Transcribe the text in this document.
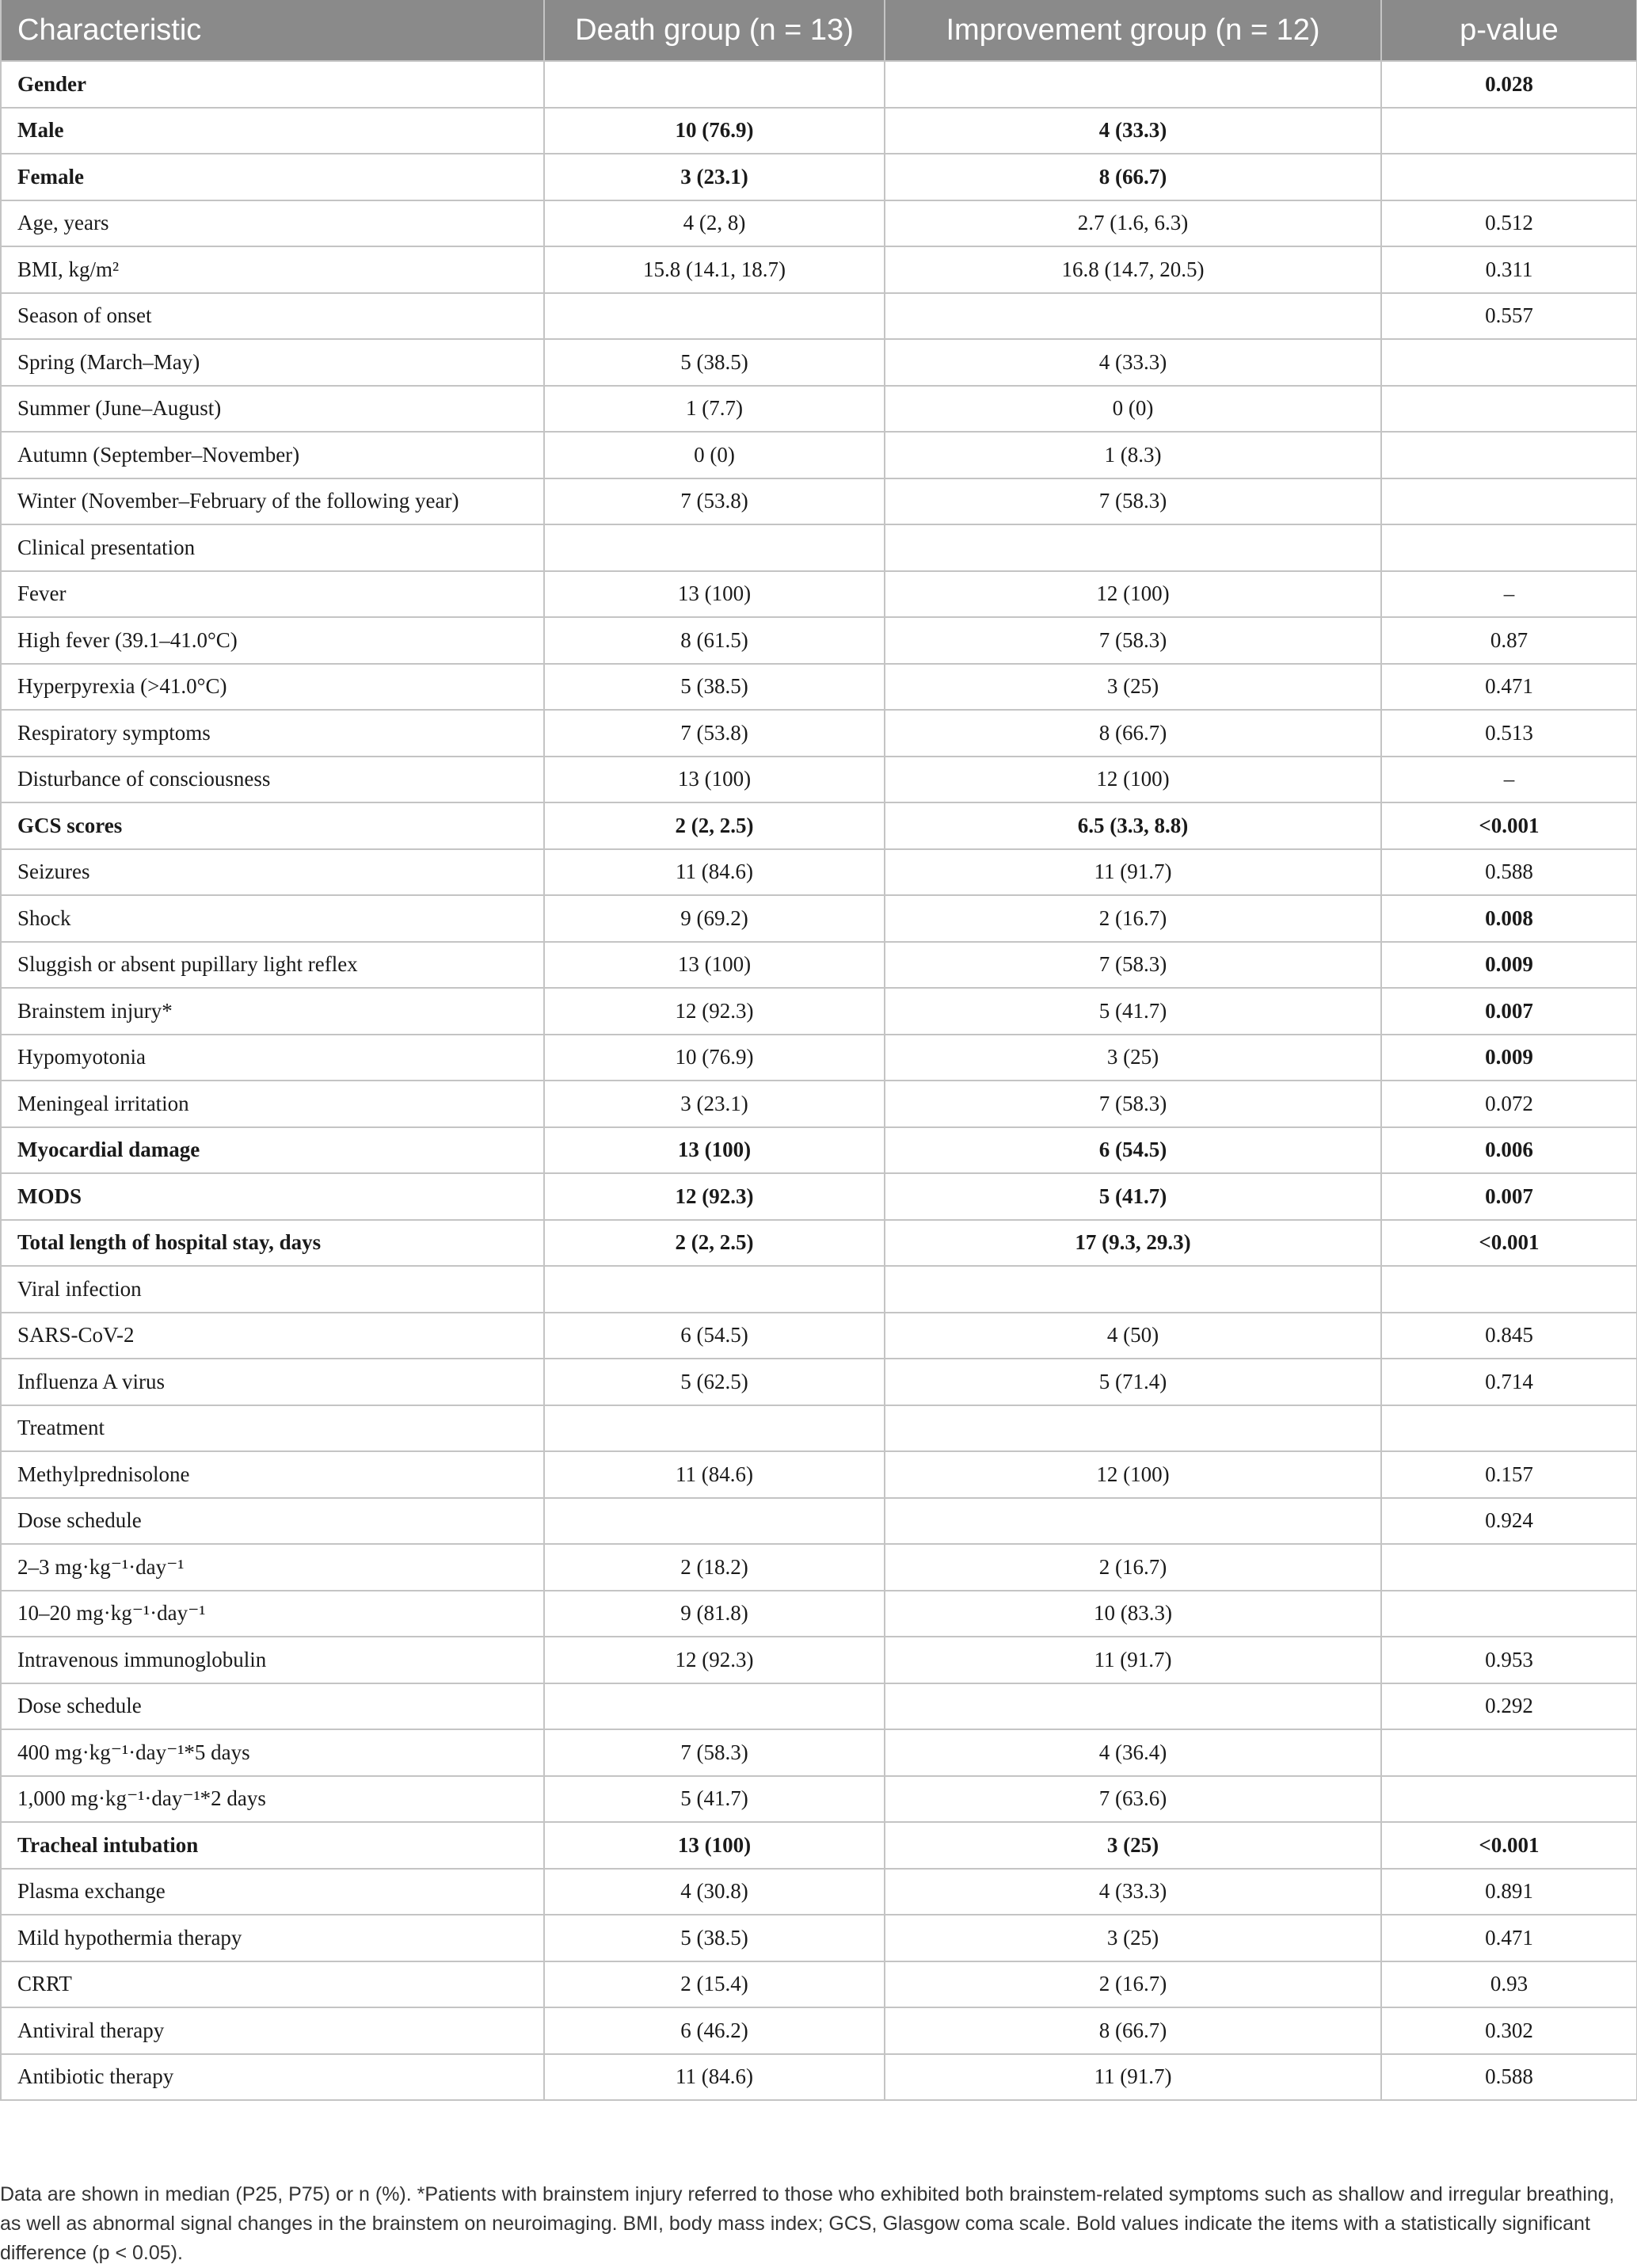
Characteristic	Death group (n = 13)	Improvement group (n = 12)	p-value
Gender			0.028
Male	10 (76.9)	4 (33.3)	
Female	3 (23.1)	8 (66.7)	
Age, years	4 (2, 8)	2.7 (1.6, 6.3)	0.512
BMI, kg/m²	15.8 (14.1, 18.7)	16.8 (14.7, 20.5)	0.311
Season of onset			0.557
Spring (March–May)	5 (38.5)	4 (33.3)	
Summer (June–August)	1 (7.7)	0 (0)	
Autumn (September–November)	0 (0)	1 (8.3)	
Winter (November–February of the following year)	7 (53.8)	7 (58.3)	
Clinical presentation			
Fever	13 (100)	12 (100)	–
High fever (39.1–41.0°C)	8 (61.5)	7 (58.3)	0.87
Hyperpyrexia (>41.0°C)	5 (38.5)	3 (25)	0.471
Respiratory symptoms	7 (53.8)	8 (66.7)	0.513
Disturbance of consciousness	13 (100)	12 (100)	–
GCS scores	2 (2, 2.5)	6.5 (3.3, 8.8)	<0.001
Seizures	11 (84.6)	11 (91.7)	0.588
Shock	9 (69.2)	2 (16.7)	0.008
Sluggish or absent pupillary light reflex	13 (100)	7 (58.3)	0.009
Brainstem injury*	12 (92.3)	5 (41.7)	0.007
Hypomyotonia	10 (76.9)	3 (25)	0.009
Meningeal irritation	3 (23.1)	7 (58.3)	0.072
Myocardial damage	13 (100)	6 (54.5)	0.006
MODS	12 (92.3)	5 (41.7)	0.007
Total length of hospital stay, days	2 (2, 2.5)	17 (9.3, 29.3)	<0.001
Viral infection			
SARS-CoV-2	6 (54.5)	4 (50)	0.845
Influenza A virus	5 (62.5)	5 (71.4)	0.714
Treatment			
Methylprednisolone	11 (84.6)	12 (100)	0.157
Dose schedule			0.924
2–3 mg·kg⁻¹·day⁻¹	2 (18.2)	2 (16.7)	
10–20 mg·kg⁻¹·day⁻¹	9 (81.8)	10 (83.3)	
Intravenous immunoglobulin	12 (92.3)	11 (91.7)	0.953
Dose schedule			0.292
400 mg·kg⁻¹·day⁻¹*5 days	7 (58.3)	4 (36.4)	
1,000 mg·kg⁻¹·day⁻¹*2 days	5 (41.7)	7 (63.6)	
Tracheal intubation	13 (100)	3 (25)	<0.001
Plasma exchange	4 (30.8)	4 (33.3)	0.891
Mild hypothermia therapy	5 (38.5)	3 (25)	0.471
CRRT	2 (15.4)	2 (16.7)	0.93
Antiviral therapy	6 (46.2)	8 (66.7)	0.302
Antibiotic therapy	11 (84.6)	11 (91.7)	0.588
Data are shown in median (P25, P75) or n (%). *Patients with brainstem injury referred to those who exhibited both brainstem-related symptoms such as shallow and irregular breathing, as well as abnormal signal changes in the brainstem on neuroimaging. BMI, body mass index; GCS, Glasgow coma scale. Bold values indicate the items with a statistically significant difference (p < 0.05).
